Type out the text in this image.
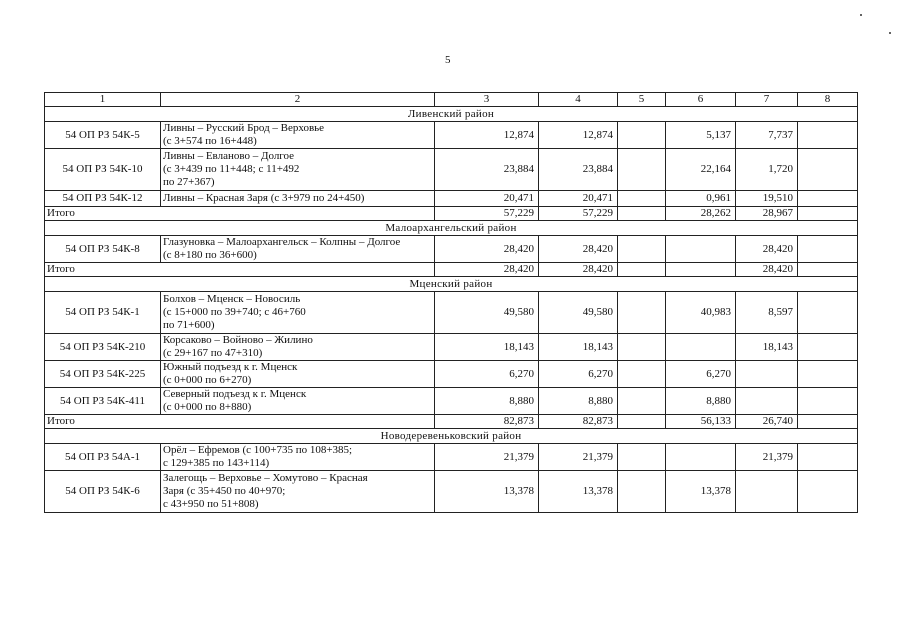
5
1	2	3	4	5	6	7	8
Ливенский район							
54 ОП РЗ 54К-5	Ливны – Русский Брод – Верховье
(с 3+574 по 16+448)	12,874	12,874		5,137	7,737	
54 ОП РЗ 54К-10	Ливны – Евланово – Долгое
(с 3+439 по 11+448; с 11+492
по 27+367)	23,884	23,884		22,164	1,720	
54 ОП РЗ 54К-12	Ливны – Красная Заря (с 3+979 по 24+450)	20,471	20,471		0,961	19,510	
Итого		57,229	57,229		28,262	28,967	
Малоархангельский район							
54 ОП РЗ 54К-8	Глазуновка – Малоархангельск – Колпны – Долгое
(с 8+180 по 36+600)	28,420	28,420			28,420	
Итого		28,420	28,420			28,420	
Мценский район							
54 ОП РЗ 54К-1	Болхов – Мценск – Новосиль
(с 15+000 по 39+740; с 46+760
по 71+600)	49,580	49,580		40,983	8,597	
54 ОП РЗ 54К-210	Корсаково – Войново – Жилино
(с 29+167 по 47+310)	18,143	18,143			18,143	
54 ОП РЗ 54К-225	Южный подъезд к г. Мценск
(с 0+000 по 6+270)	6,270	6,270		6,270		
54 ОП РЗ 54К-411	Северный подъезд к г. Мценск
(с 0+000 по 8+880)	8,880	8,880		8,880		
Итого		82,873	82,873		56,133	26,740	
Новодеревеньковский район							
54 ОП РЗ 54А-1	Орёл – Ефремов (с 100+735 по 108+385;
с 129+385 по 143+114)	21,379	21,379			21,379	
54 ОП РЗ 54К-6	Залегощь – Верховье – Хомутово – Красная
Заря (с 35+450 по 40+970;
с 43+950 по 51+808)	13,378	13,378		13,378		
